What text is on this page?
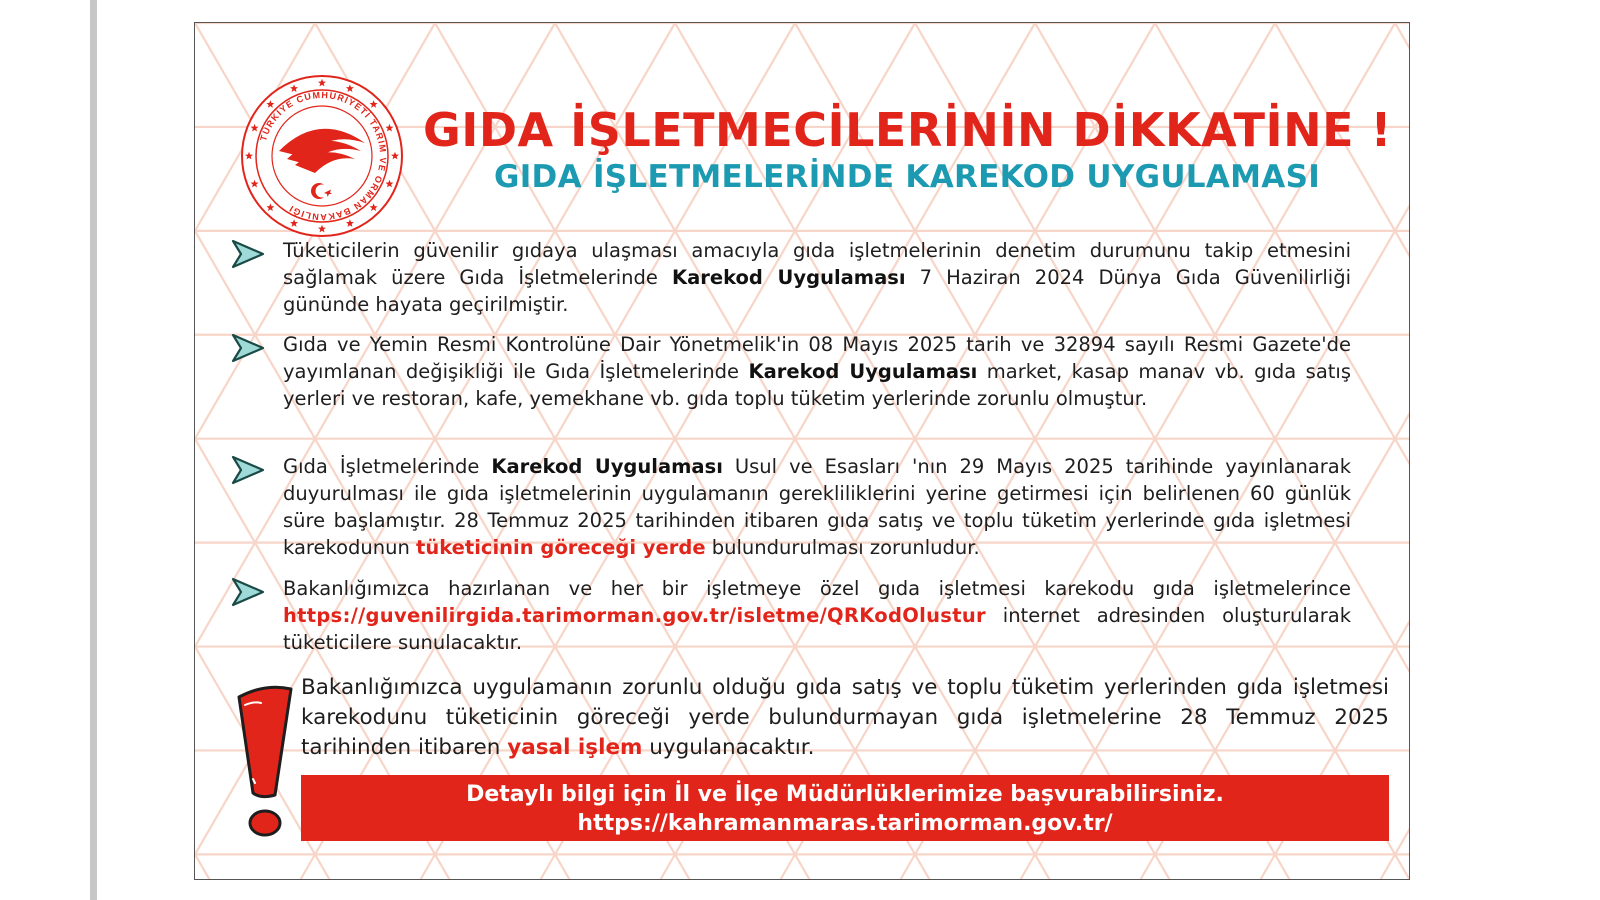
TÜRKİYE CUMHURİYETİ TARIM VE ORMAN BAKANLIĞI
GIDA İŞLETMECİLERİNİN DİKKATİNE !
GIDA İŞLETMELERİNDE KAREKOD UYGULAMASI

Tüketicilerin güvenilir gıdaya ulaşması amacıyla gıda işletmelerinin denetim durumunu takip etmesini sağlamak üzere Gıda İşletmelerinde Karekod Uygulaması 7 Haziran 2024 Dünya Gıda Güvenilirliği gününde hayata geçirilmiştir.

Gıda ve Yemin Resmi Kontrolüne Dair Yönetmelik'in 08 Mayıs 2025 tarih ve 32894 sayılı Resmi Gazete'de yayımlanan değişikliği ile Gıda İşletmelerinde Karekod Uygulaması market, kasap manav vb. gıda satış yerleri ve restoran, kafe, yemekhane vb. gıda toplu tüketim yerlerinde zorunlu olmuştur.

Gıda İşletmelerinde Karekod Uygulaması Usul ve Esasları 'nın 29 Mayıs 2025 tarihinde yayınlanarak duyurulması ile gıda işletmelerinin uygulamanın gerekliliklerini yerine getirmesi için belirlenen 60 günlük süre başlamıştır. 28 Temmuz 2025 tarihinden itibaren gıda satış ve toplu tüketim yerlerinde gıda işletmesi karekodunun tüketicinin göreceği yerde bulundurulması zorunludur.

Bakanlığımızca hazırlanan ve her bir işletmeye özel gıda işletmesi karekodu gıda işletmelerince https://guvenilirgida.tarimorman.gov.tr/isletme/QRKodOlustur internet adresinden oluşturularak tüketicilere sunulacaktır.

Bakanlığımızca uygulamanın zorunlu olduğu gıda satış ve toplu tüketim yerlerinden gıda işletmesi karekodunu tüketicinin göreceği yerde bulundurmayan gıda işletmelerine 28 Temmuz 2025 tarihinden itibaren yasal işlem uygulanacaktır.

Detaylı bilgi için İl ve İlçe Müdürlüklerimize başvurabilirsiniz.
https://kahramanmaras.tarimorman.gov.tr/
